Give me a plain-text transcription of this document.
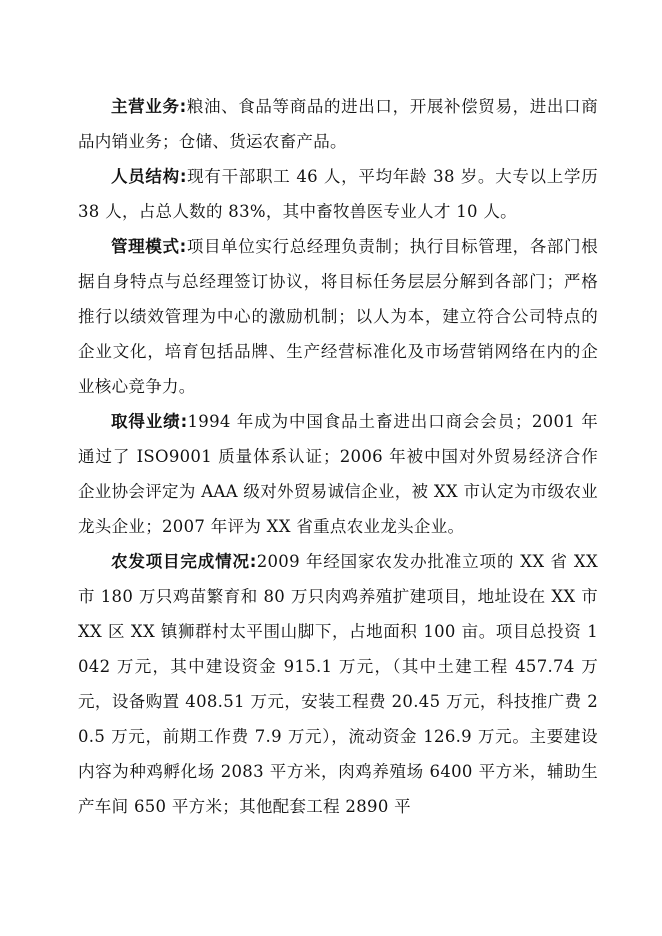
主营业务:粮油、食品等商品的进出口，开展补偿贸易，进出口商品内销业务；仓储、货运农畜产品。

人员结构:现有干部职工 46 人，平均年龄 38 岁。大专以上学历 38 人，占总人数的 83%，其中畜牧兽医专业人才 10 人。

管理模式:项目单位实行总经理负责制；执行目标管理，各部门根据自身特点与总经理签订协议，将目标任务层层分解到各部门；严格推行以绩效管理为中心的激励机制；以人为本，建立符合公司特点的企业文化，培育包括品牌、生产经营标准化及市场营销网络在内的企业核心竞争力。

取得业绩:1994 年成为中国食品土畜进出口商会会员；2001 年通过了 ISO9001 质量体系认证；2006 年被中国对外贸易经济合作企业协会评定为 AAA 级对外贸易诚信企业，被 XX 市认定为市级农业龙头企业；2007 年评为 XX 省重点农业龙头企业。

农发项目完成情况:2009 年经国家农发办批准立项的 XX 省 XX 市 180 万只鸡苗繁育和 80 万只肉鸡养殖扩建项目，地址设在 XX 市 XX 区 XX 镇狮群村太平围山脚下，占地面积 100 亩。项目总投资 1042 万元，其中建设资金 915.1 万元，（其中土建工程 457.74 万元，设备购置 408.51 万元，安装工程费 20.45 万元，科技推广费 20.5 万元，前期工作费 7.9 万元），流动资金 126.9 万元。主要建设内容为种鸡孵化场 2083 平方米，肉鸡养殖场 6400 平方米，辅助生产车间 650 平方米；其他配套工程 2890 平
